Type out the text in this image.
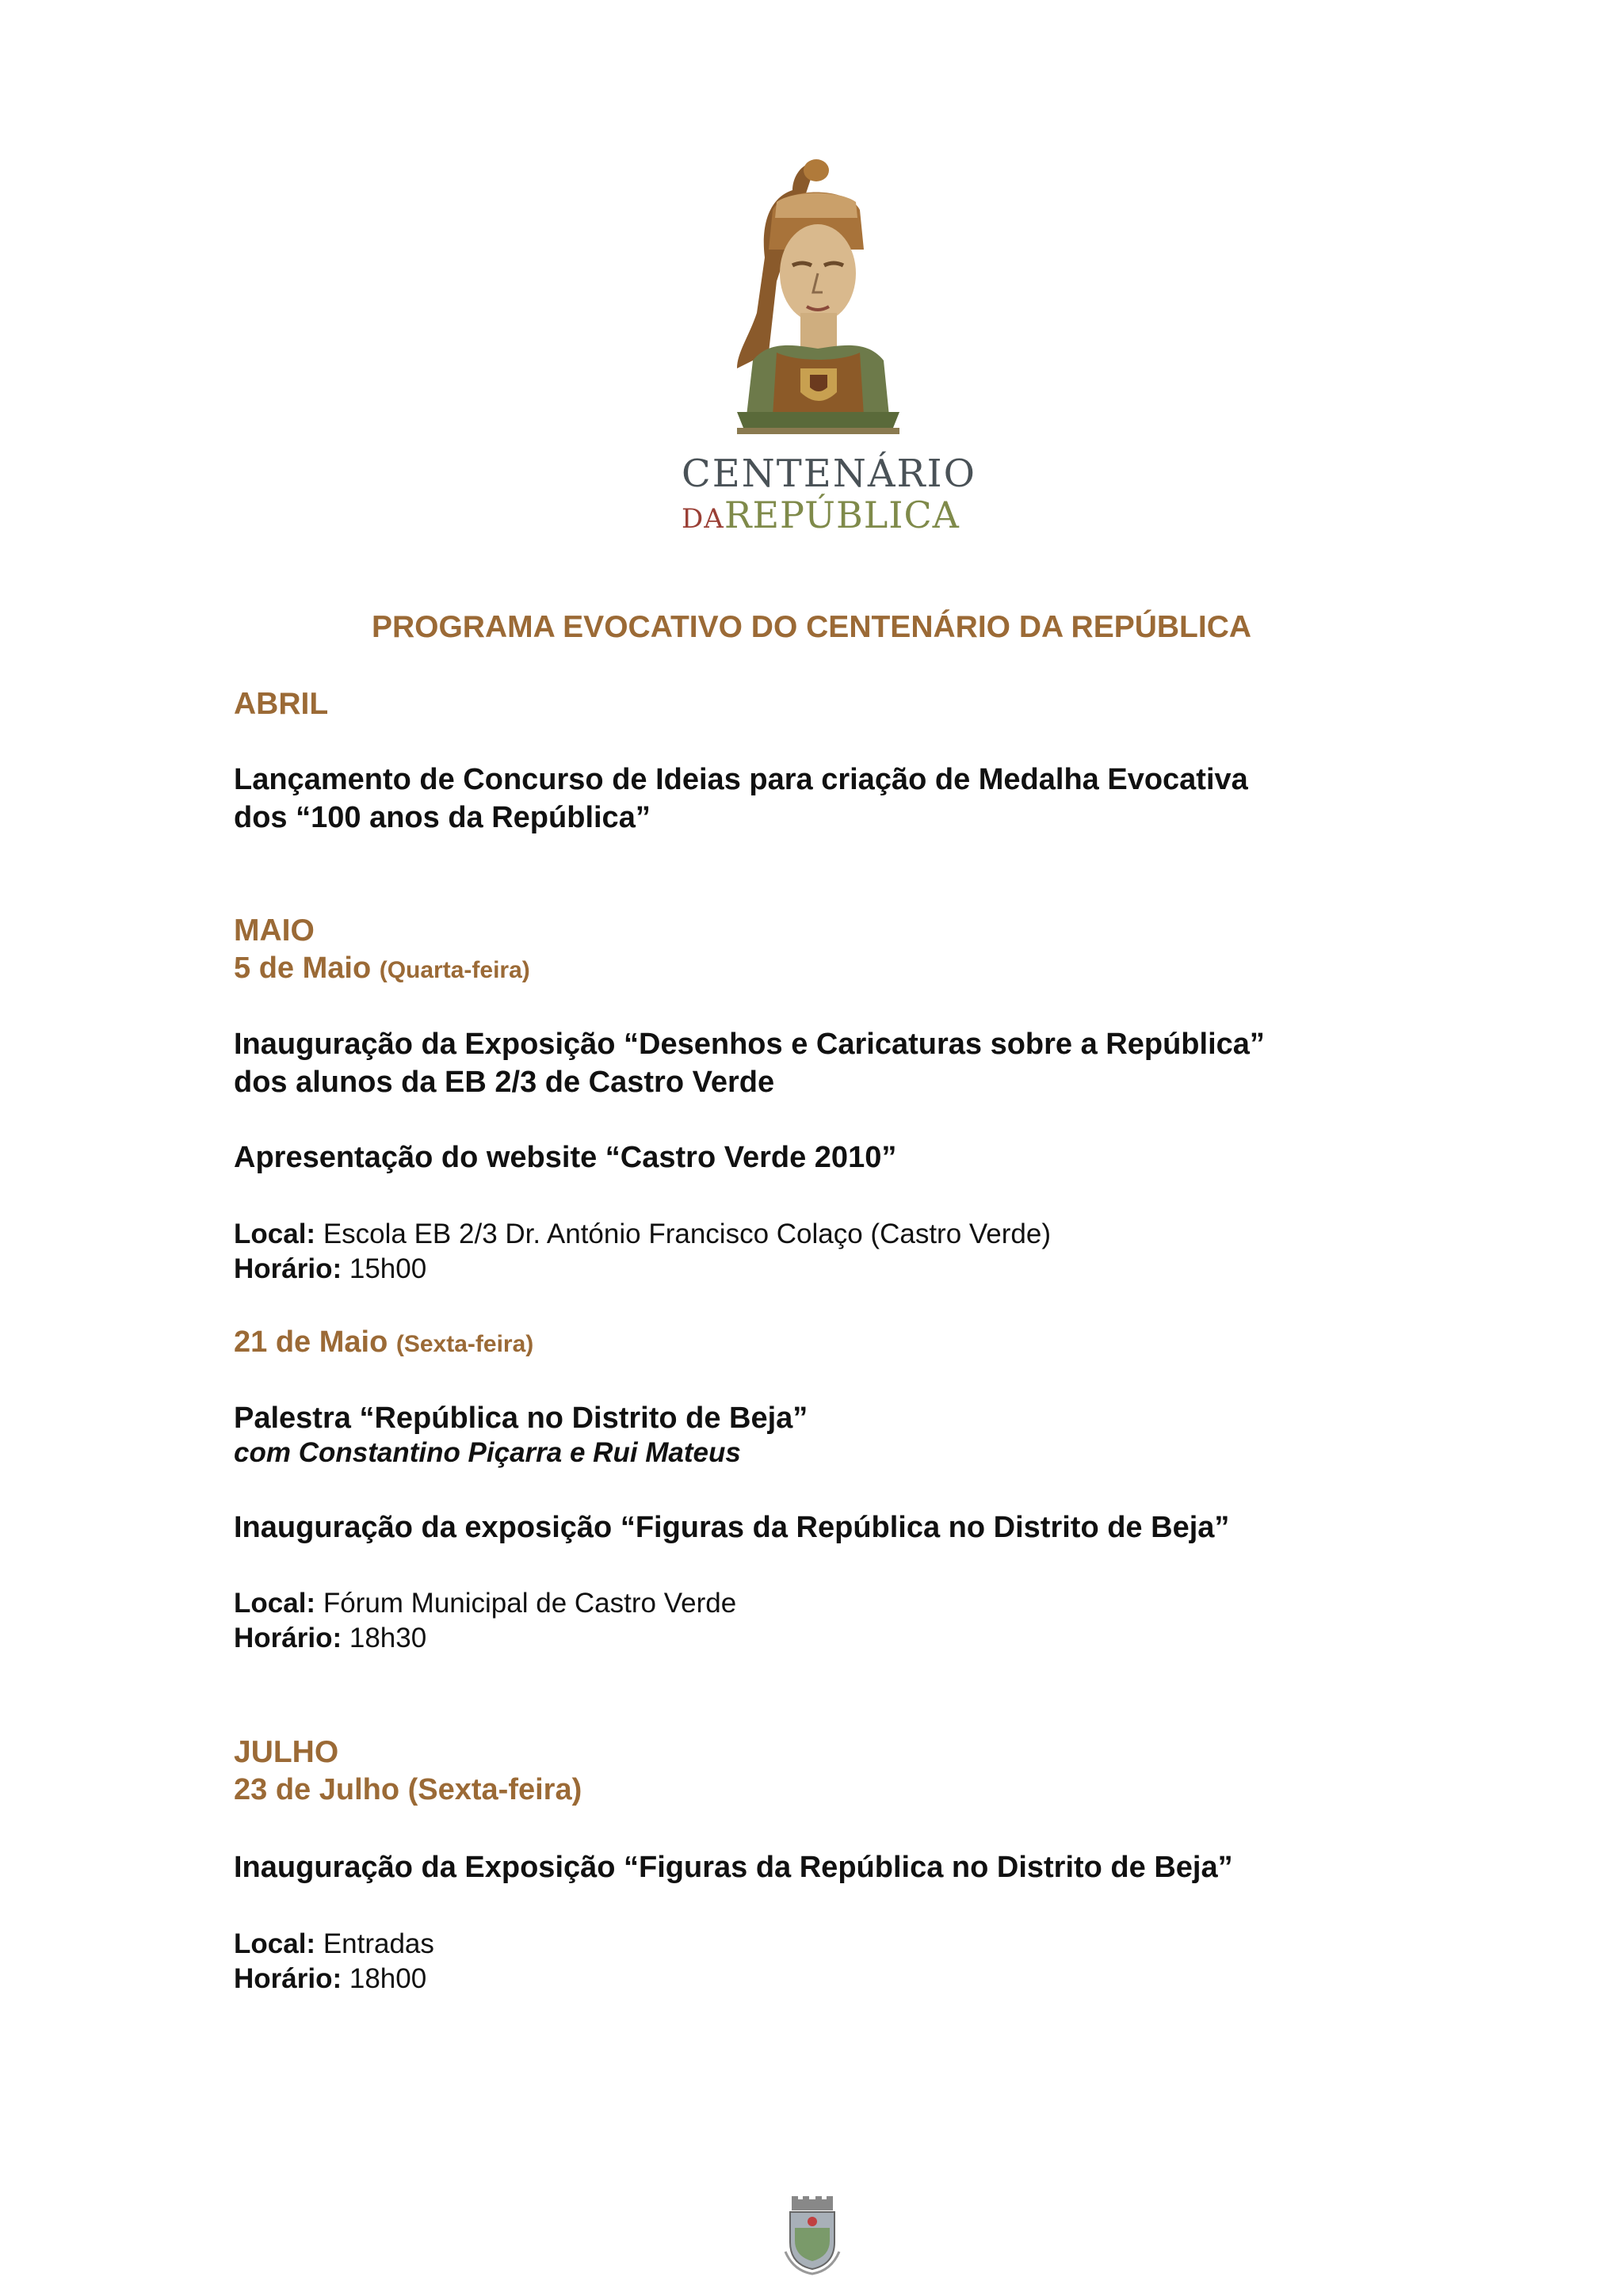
CENTENÁRIO
DAREPÚBLICA

PROGRAMA EVOCATIVO DO CENTENÁRIO DA REPÚBLICA

ABRIL

Lançamento de Concurso de Ideias para criação de Medalha Evocativa

dos “100 anos da República”

MAIO

5 de Maio (Quarta-feira)

Inauguração da Exposição “Desenhos e Caricaturas sobre a República”

dos alunos da EB 2/3 de Castro Verde

Apresentação do website “Castro Verde 2010”

Local: Escola EB 2/3 Dr. António Francisco Colaço (Castro Verde)

Horário: 15h00

21 de Maio (Sexta-feira)

Palestra “República no Distrito de Beja”

com Constantino Piçarra e Rui Mateus

Inauguração da exposição “Figuras da República no Distrito de Beja”

Local: Fórum Municipal de Castro Verde

Horário: 18h30

JULHO

23 de Julho (Sexta-feira)

Inauguração da Exposição “Figuras da República no Distrito de Beja”

Local: Entradas

Horário: 18h00
